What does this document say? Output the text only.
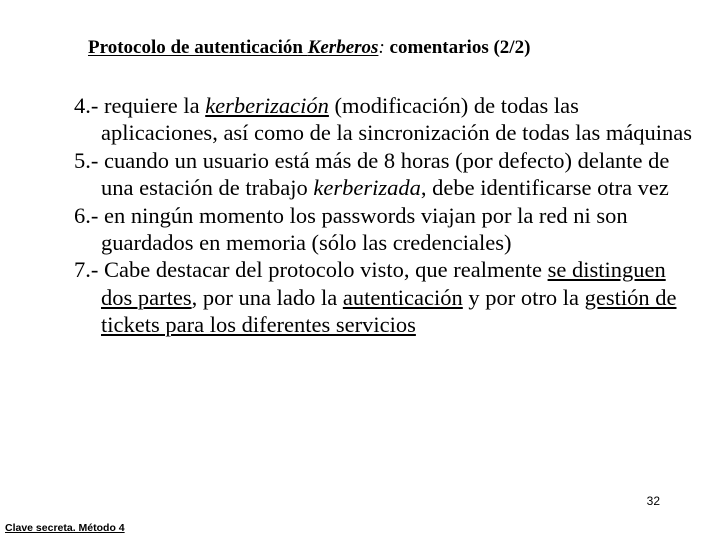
Protocolo de autenticación Kerberos: comentarios (2/2)
4.- requiere la kerberización (modificación) de todas las aplicaciones, así como de la sincronización de todas las máquinas
5.- cuando un usuario está más de 8 horas (por defecto) delante de una estación de trabajo kerberizada, debe identificarse otra vez
6.- en ningún momento los passwords viajan por la red ni son guardados en memoria (sólo las credenciales)
7.- Cabe destacar del protocolo visto, que realmente se distinguen dos partes, por una lado la autenticación y por otro la gestión de tickets para los diferentes servicios
32
Clave secreta. Método 4
